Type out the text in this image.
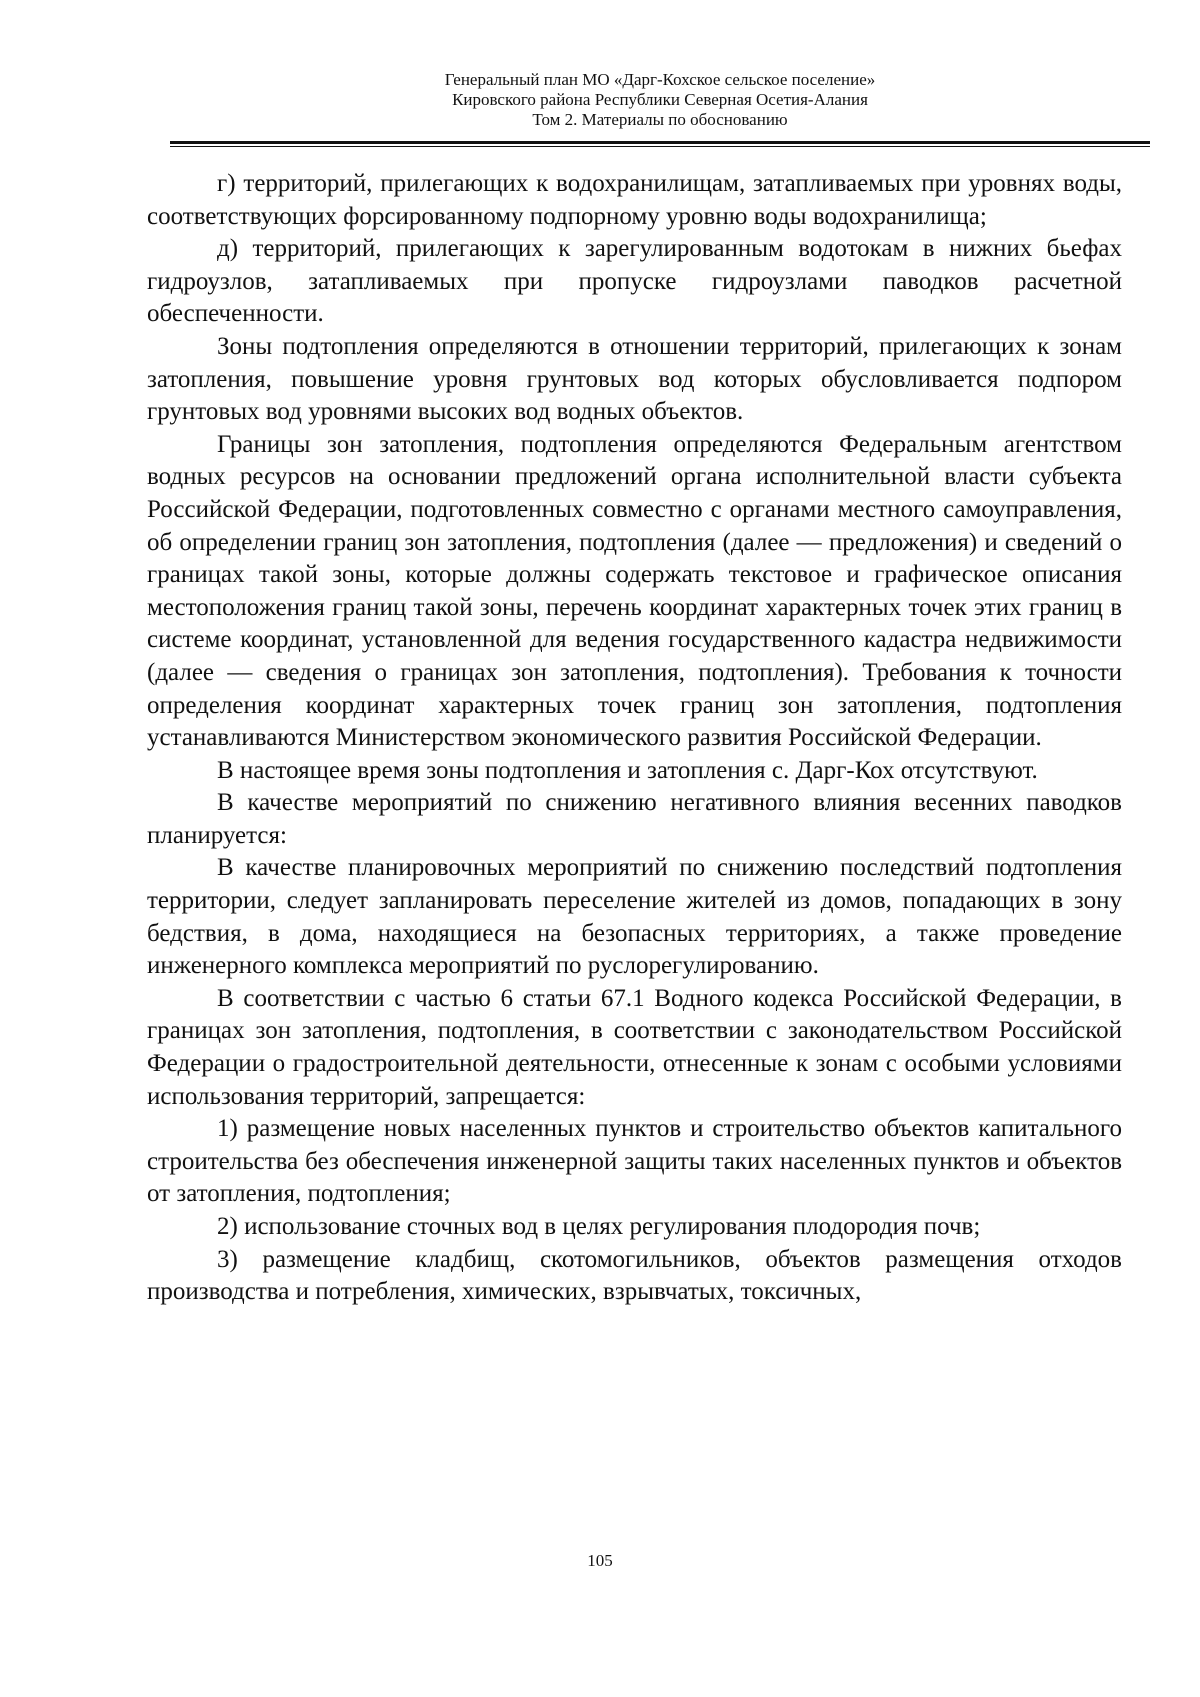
Генеральный план МО «Дарг-Кохское сельское поселение»
Кировского района Республики Северная Осетия-Алания
Том 2. Материалы по обоснованию

г) территорий, прилегающих к водохранилищам, затапливаемых при уровнях воды, соответствующих форсированному подпорному уровню воды водохранилища;

д) территорий, прилегающих к зарегулированным водотокам в нижних бьефах гидроузлов, затапливаемых при пропуске гидроузлами паводков расчетной обеспеченности.

Зоны подтопления определяются в отношении территорий, прилегающих к зонам затопления, повышение уровня грунтовых вод которых обусловливается подпором грунтовых вод уровнями высоких вод водных объектов.

Границы зон затопления, подтопления определяются Федеральным агентством водных ресурсов на основании предложений органа исполнительной власти субъекта Российской Федерации, подготовленных совместно с органами местного самоуправления, об определении границ зон затопления, подтопления (далее — предложения) и сведений о границах такой зоны, которые должны содержать текстовое и графическое описания местоположения границ такой зоны, перечень координат характерных точек этих границ в системе координат, установленной для ведения государственного кадастра недвижимости (далее — сведения о границах зон затопления, подтопления). Требования к точности определения координат характерных точек границ зон затопления, подтопления устанавливаются Министерством экономического развития Российской Федерации.

В настоящее время зоны подтопления и затопления с. Дарг-Кох отсутствуют.

В качестве мероприятий по снижению негативного влияния весенних паводков планируется:

В качестве планировочных мероприятий по снижению последствий подтопления территории, следует запланировать переселение жителей из домов, попадающих в зону бедствия, в дома, находящиеся на безопасных территориях, а также проведение инженерного комплекса мероприятий по руслорегулированию.

В соответствии с частью 6 статьи 67.1 Водного кодекса Российской Федерации, в границах зон затопления, подтопления, в соответствии с законодательством Российской Федерации о градостроительной деятельности, отнесенные к зонам с особыми условиями использования территорий, запрещается:

1) размещение новых населенных пунктов и строительство объектов капитального строительства без обеспечения инженерной защиты таких населенных пунктов и объектов от затопления, подтопления;

2) использование сточных вод в целях регулирования плодородия почв;

3) размещение кладбищ, скотомогильников, объектов размещения отходов производства и потребления, химических, взрывчатых, токсичных,

105
